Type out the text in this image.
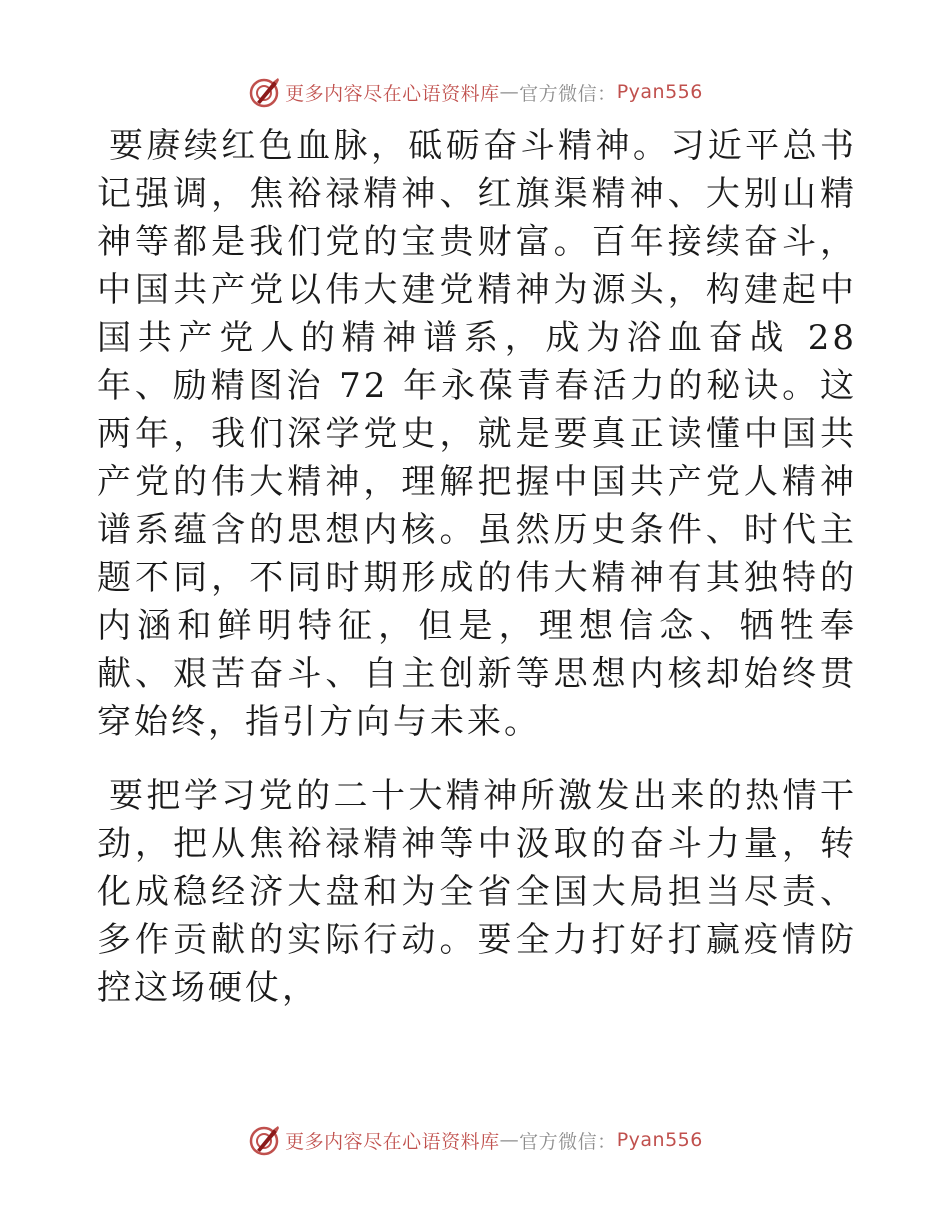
更多内容尽在心语资料库 — 官方微信： Pyan556

要赓续红色血脉，砥砺奋斗精神。习近平总书记强调，焦裕禄精神、红旗渠精神、大别山精神等都是我们党的宝贵财富。百年接续奋斗，中国共产党以伟大建党精神为源头，构建起中国共产党人的精神谱系，成为浴血奋战 28 年、励精图治 72 年永葆青春活力的秘诀。这两年，我们深学党史，就是要真正读懂中国共产党的伟大精神，理解把握中国共产党人精神谱系蕴含的思想内核。虽然历史条件、时代主题不同，不同时期形成的伟大精神有其独特的内涵和鲜明特征，但是，理想信念、牺牲奉献、艰苦奋斗、自主创新等思想内核却始终贯穿始终，指引方向与未来。

要把学习党的二十大精神所激发出来的热情干劲，把从焦裕禄精神等中汲取的奋斗力量，转化成稳经济大盘和为全省全国大局担当尽责、多作贡献的实际行动。要全力打好打赢疫情防控这场硬仗，

更多内容尽在心语资料库 — 官方微信： Pyan556
